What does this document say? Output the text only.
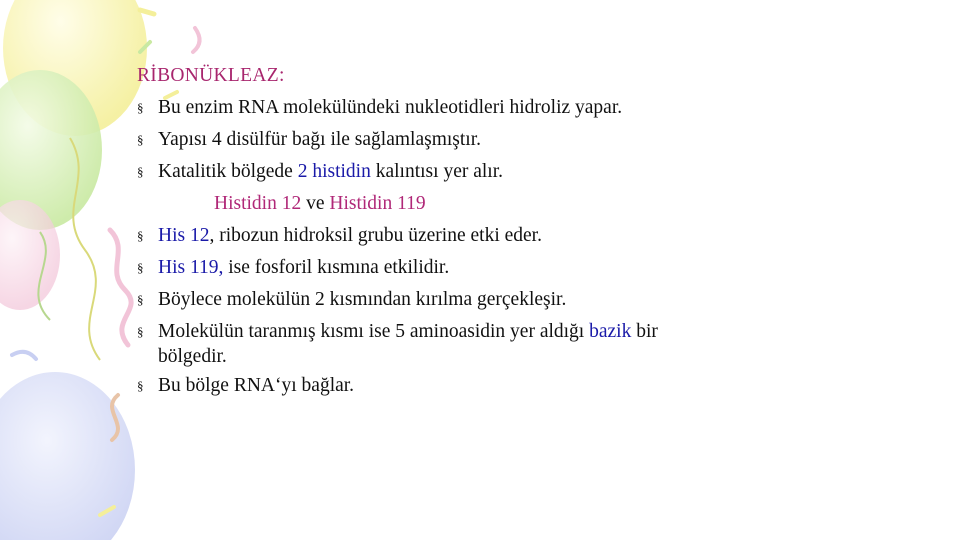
RİBONÜKLEAZ:
§ Bu enzim RNA molekülündeki nukleotidleri hidroliz yapar.
§ Yapısı 4 disülfür bağı ile sağlamlaşmıştır.
§ Katalitik bölgede 2 histidin kalıntısı yer alır.
Histidin 12 ve Histidin 119
§ His 12, ribozun hidroksil grubu üzerine etki eder.
§ His 119, ise fosforil kısmına etkilidir.
§ Böylece molekülün 2 kısmından kırılma gerçekleşir.
§ Molekülün taranmış kısmı ise 5 aminoasidin yer aldığı bazik bir
bölgedir.
§ Bu bölge RNA‘yı bağlar.
